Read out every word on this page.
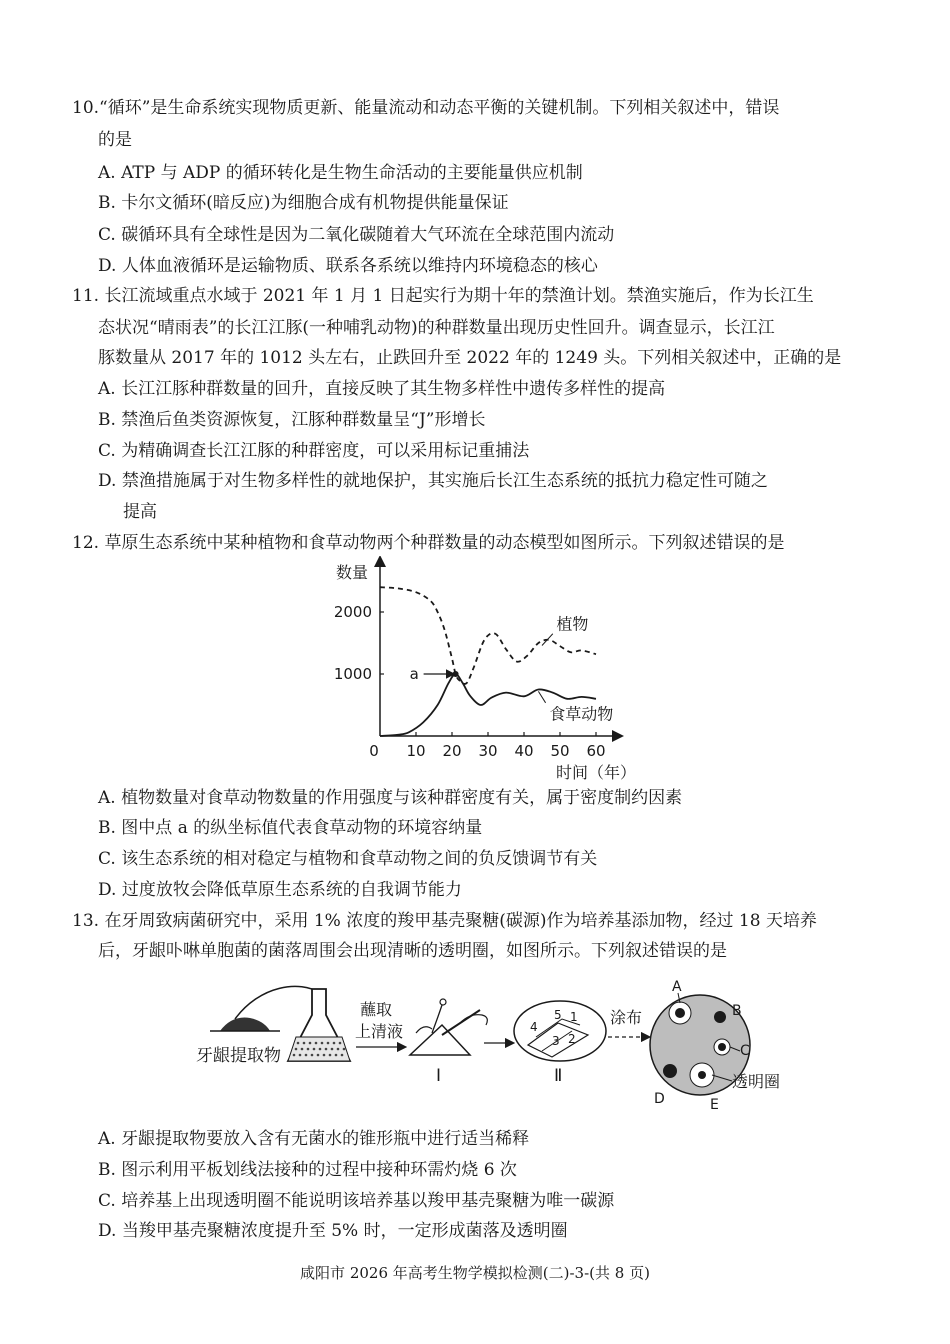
10.“循环”是生命系统实现物质更新、能量流动和动态平衡的关键机制。下列相关叙述中，错误
的是
A. ATP 与 ADP 的循环转化是生物生命活动的主要能量供应机制
B. 卡尔文循环(暗反应)为细胞合成有机物提供能量保证
C. 碳循环具有全球性是因为二氧化碳随着大气环流在全球范围内流动
D. 人体血液循环是运输物质、联系各系统以维持内环境稳态的核心
11. 长江流域重点水域于 2021 年 1 月 1 日起实行为期十年的禁渔计划。禁渔实施后，作为长江生
态状况“晴雨表”的长江江豚(一种哺乳动物)的种群数量出现历史性回升。调查显示，长江江
豚数量从 2017 年的 1012 头左右，止跌回升至 2022 年的 1249 头。下列相关叙述中，正确的是
A. 长江江豚种群数量的回升，直接反映了其生物多样性中遗传多样性的提高
B. 禁渔后鱼类资源恢复，江豚种群数量呈“J”形增长
C. 为精确调查长江江豚的种群密度，可以采用标记重捕法
D. 禁渔措施属于对生物多样性的就地保护，其实施后长江生态系统的抵抗力稳定性可随之
提高
12. 草原生态系统中某种植物和食草动物两个种群数量的动态模型如图所示。下列叙述错误的是
0 10 20 30 40 50 60
1000
2000
数量
时间（年）
植物
食草动物
a
A. 植物数量对食草动物数量的作用强度与该种群密度有关，属于密度制约因素
B. 图中点 a 的纵坐标值代表食草动物的环境容纳量
C. 该生态系统的相对稳定与植物和食草动物之间的负反馈调节有关
D. 过度放牧会降低草原生态系统的自我调节能力
13. 在牙周致病菌研究中，采用 1% 浓度的羧甲基壳聚糖(碳源)作为培养基添加物，经过 18 天培养
后，牙龈卟啉单胞菌的菌落周围会出现清晰的透明圈，如图所示。下列叙述错误的是
牙龈提取物
蘸取
上清液
Ⅰ
1
2
3
4
5
Ⅱ
涂布
A
B
C
D	E
透明圈
A. 牙龈提取物要放入含有无菌水的锥形瓶中进行适当稀释
B. 图示利用平板划线法接种的过程中接种环需灼烧 6 次
C. 培养基上出现透明圈不能说明该培养基以羧甲基壳聚糖为唯一碳源
D. 当羧甲基壳聚糖浓度提升至 5% 时，一定形成菌落及透明圈
咸阳市 2026 年高考生物学模拟检测(二)-3-(共 8 页)
